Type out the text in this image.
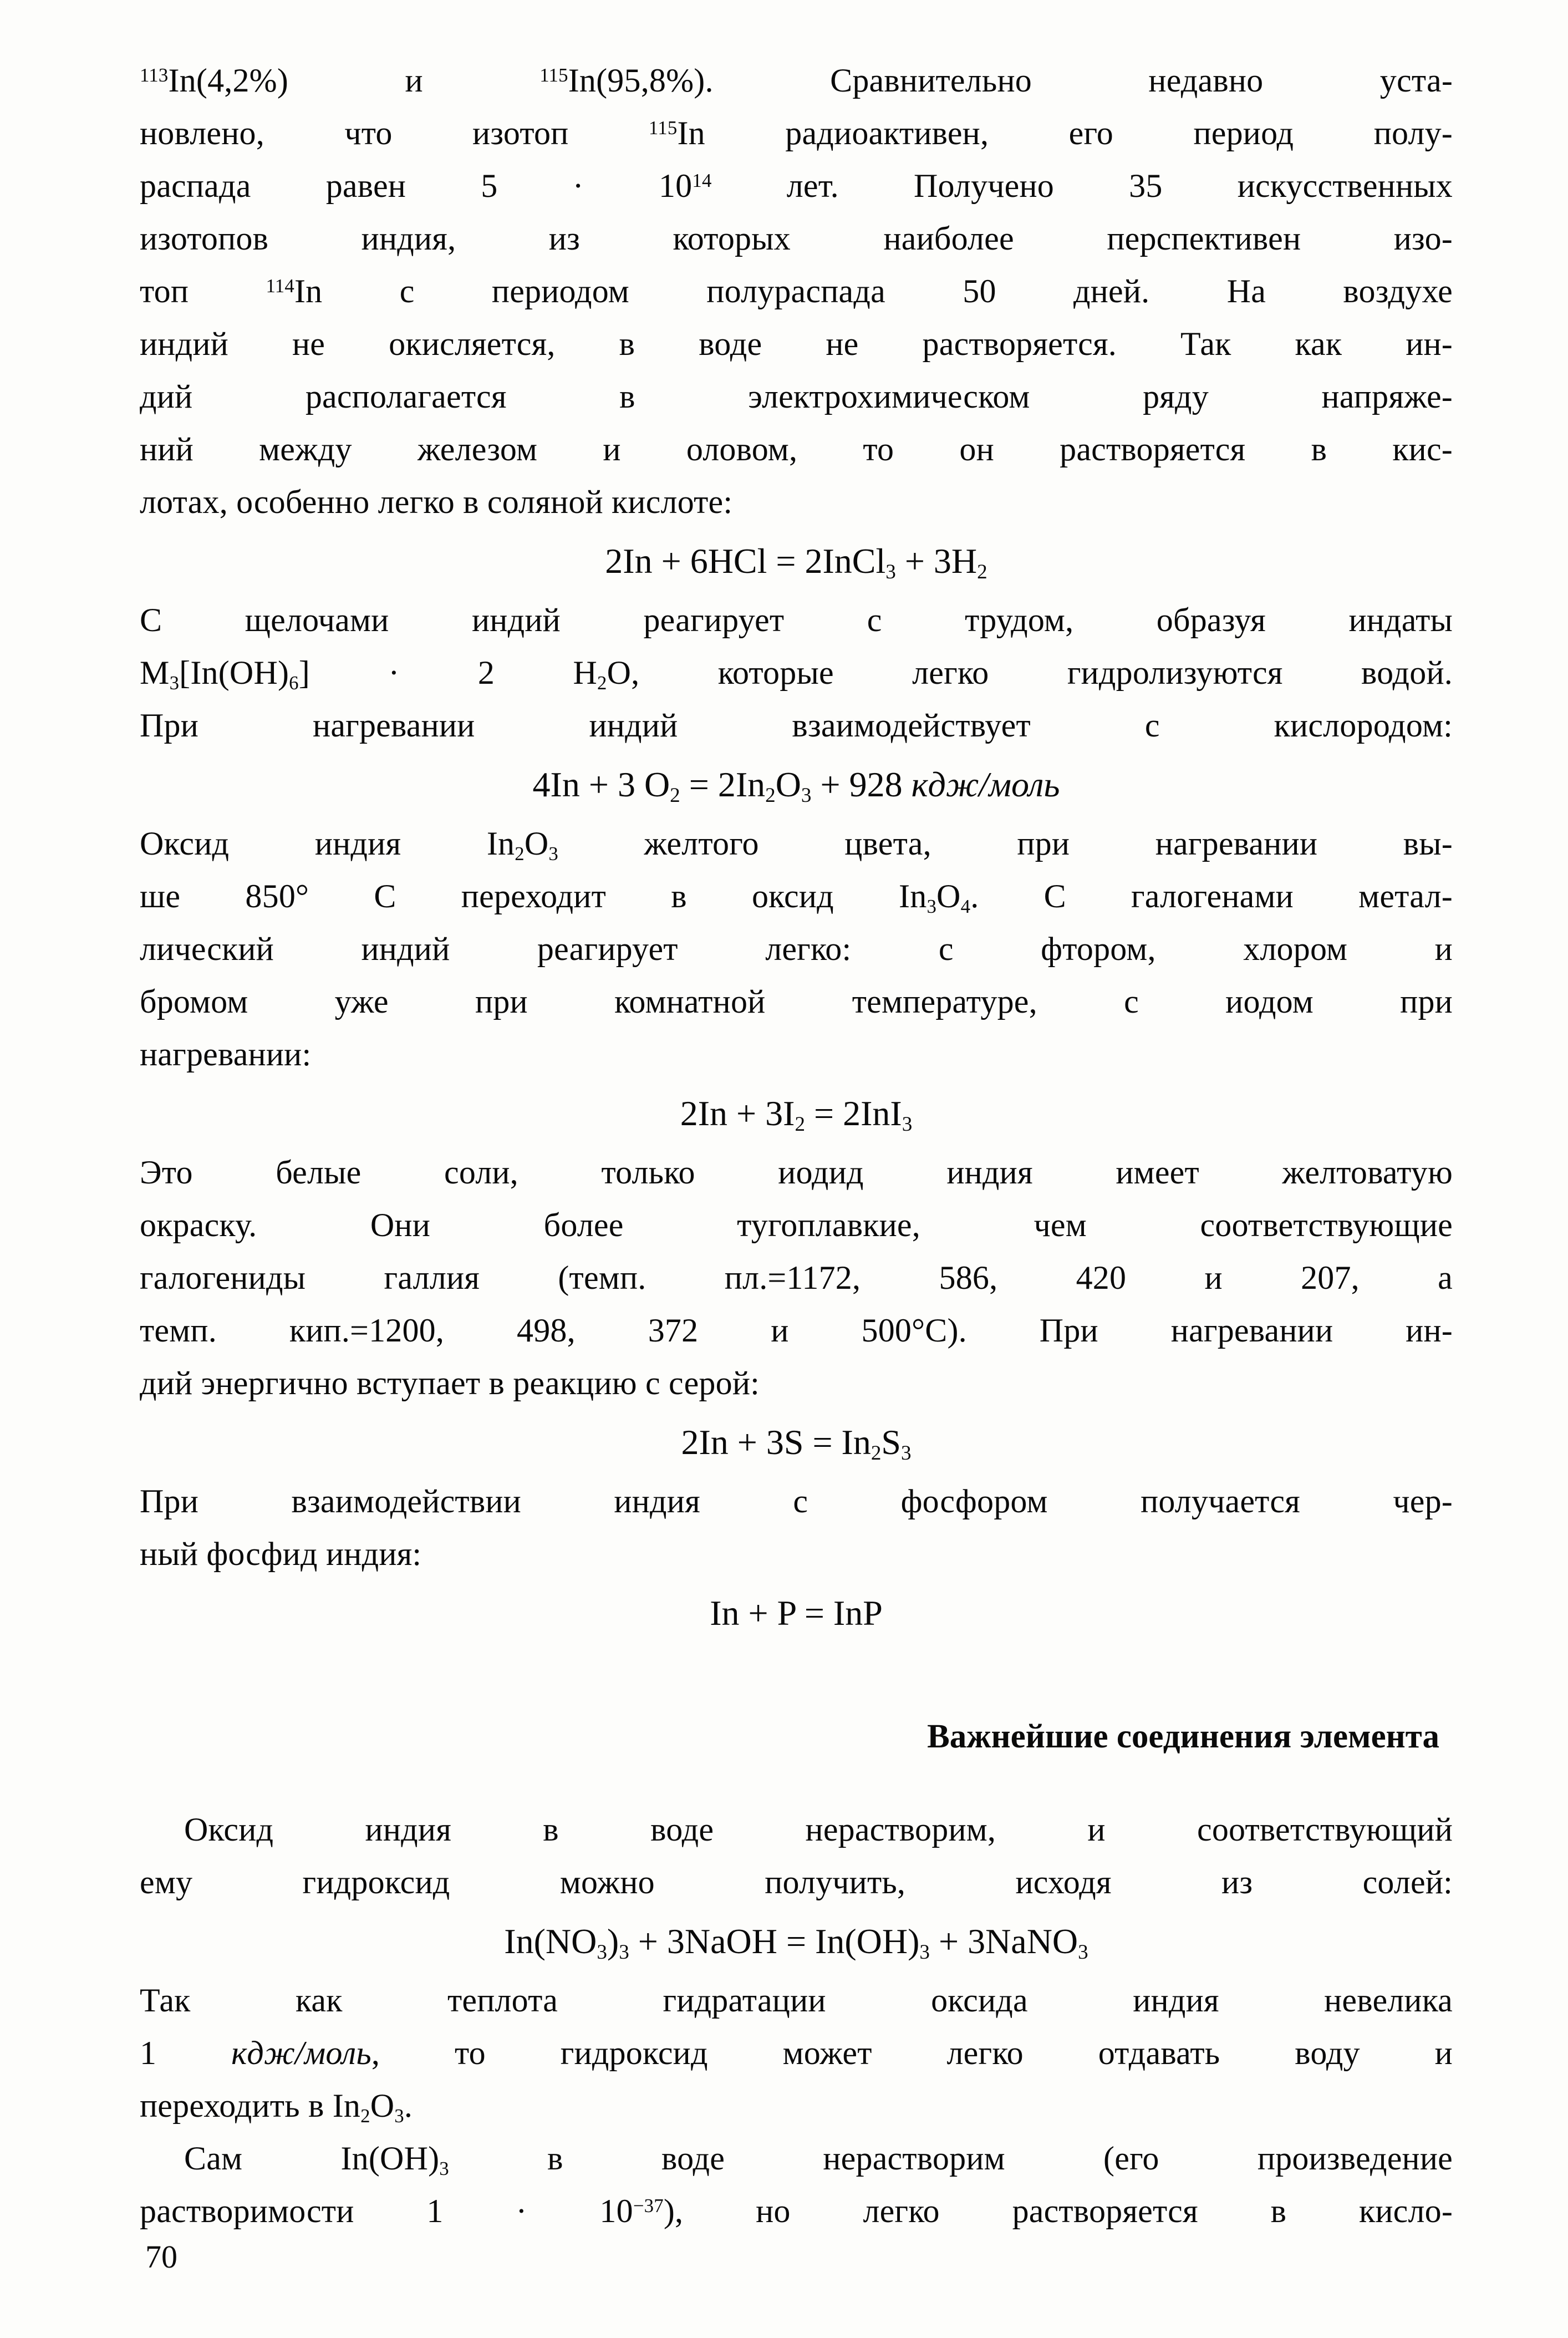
$^{113}$In(4,2%) и $^{115}$In(95,8%). Сравнительно недавно уста-
новлено, что изотоп $^{115}$In радиоактивен, его период полу-
распада равен $5 \cdot 10^{14}$ лет. Получено 35 искусственных
изотопов индия, из которых наиболее перспективен изо-
топ $^{114}$In с периодом полураспада 50 дней. На воздухе
индий не окисляется, в воде не растворяется. Так как ин-
дий располагается в электрохимическом ряду напряже-
ний между железом и оловом, то он растворяется в кис-
лотах, особенно легко в соляной кислоте:
2In + 6HCl = 2InCl3 + 3H2
С щелочами индий реагирует с трудом, образуя индаты
M3[In(OH)6] · 2 H2O, которые легко гидролизуются водой.
При нагревании индий взаимодействует с кислородом:
4In + 3 O2 = 2In2O3 + 928 кдж/моль
Оксид индия In2O3 желтого цвета, при нагревании вы-
ше 850° С переходит в оксид In3O4. С галогенами метал-
лический индий реагирует легко: с фтором, хлором и
бромом уже при комнатной температуре, с иодом при
нагревании:
2In + 3I2 = 2InI3
Это белые соли, только иодид индия имеет желтоватую
окраску. Они более тугоплавкие, чем соответствующие
галогениды галлия (темп. пл.=1172, 586, 420 и 207, а
темп. кип.=1200, 498, 372 и 500°С). При нагревании ин-
дий энергично вступает в реакцию с серой:
2In + 3S = In2S3
При взаимодействии индия с фосфором получается чер-
ный фосфид индия:
In + P = InP
Важнейшие соединения элемента
Оксид индия в воде нерастворим, и соответствующий
ему гидроксид можно получить, исходя из солей:
In(NO3)3 + 3NaOH = In(OH)3 + 3NaNO3
Так как теплота гидратации оксида индия невелика
1 кдж/моль, то гидроксид может легко отдавать воду и
переходить в In2O3.
Сам In(OH)3 в воде нерастворим (его произведение
растворимости $1 \cdot 10^{-37}$), но легко растворяется в кисло-
70
